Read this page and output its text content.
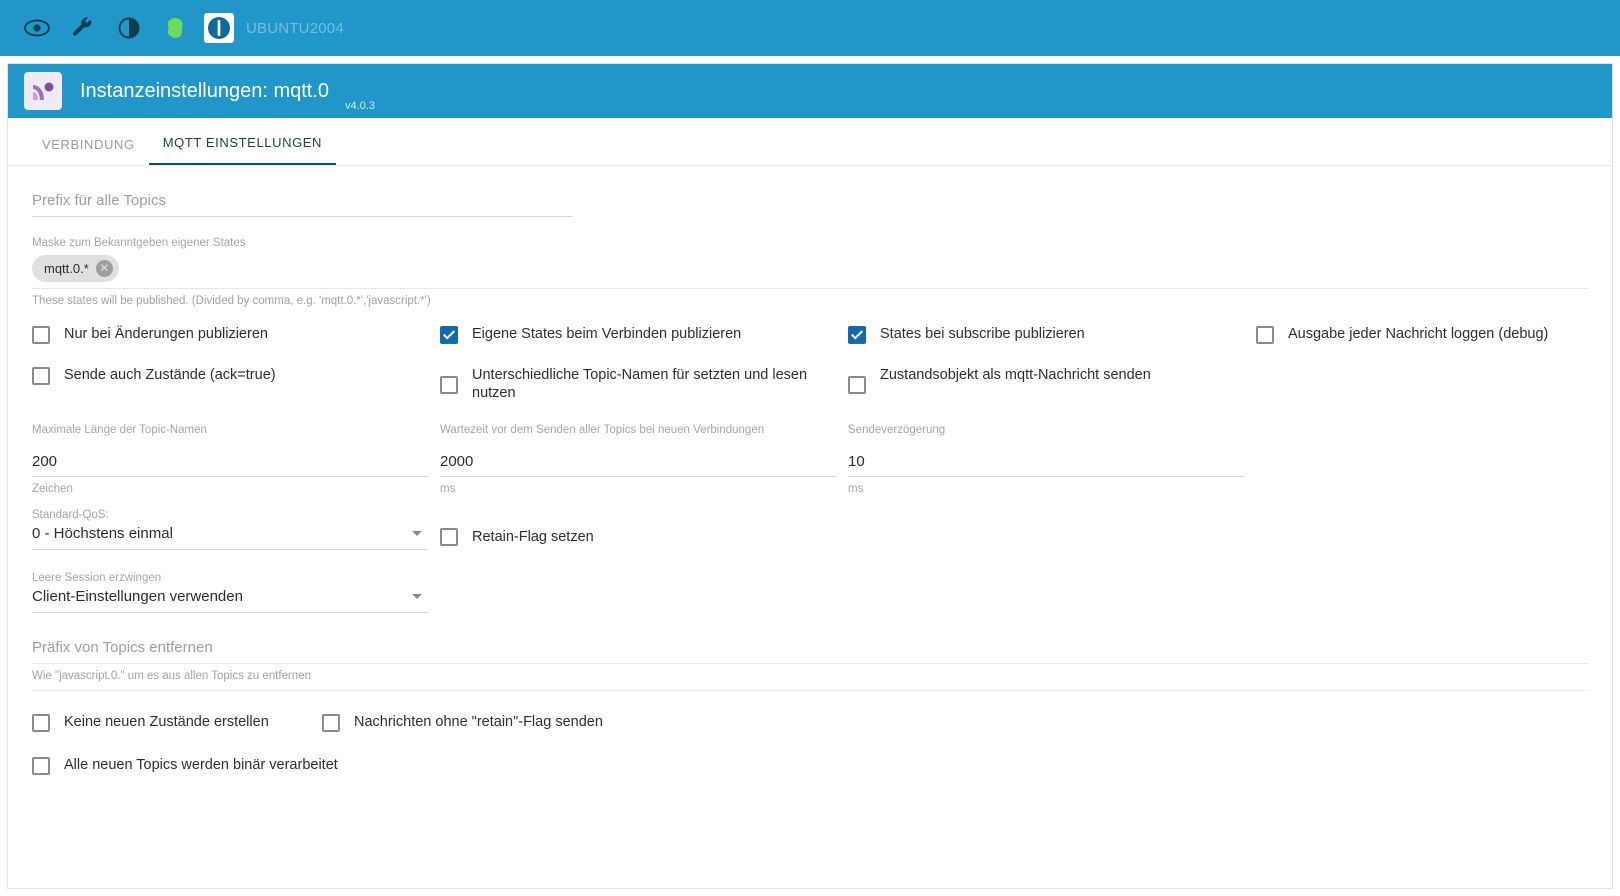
UBUNTU2004
Instanzeinstellungen: mqtt.0
v4.0.3
VERBINDUNG	MQTT EINSTELLUNGEN
Prefix für alle Topics
Maske zum Bekanntgeben eigener States
mqtt.0.* ✕
These states will be published. (Divided by comma, e.g. 'mqtt.0.*','javascript.*')
Nur bei Änderungen publizieren	Eigene States beim Verbinden publizieren	States bei subscribe publizieren	Ausgabe jeder Nachricht loggen (debug)
Sende auch Zustände (ack=true)	Unterschiedliche Topic-Namen für setzten und lesen nutzen
Zustandsobjekt als mqtt-Nachricht senden
Maximale Länge der Topic-Namen
200
Zeichen
Wartezeit vor dem Senden aller Topics bei neuen Verbindungen
2000
ms
Sendeverzögerung
10
ms
Standard-QoS:
0 - Höchstens einmal	Retain-Flag setzen
Leere Session erzwingen
Client-Einstellungen verwenden
Präfix von Topics entfernen
Wie "javascript.0." um es aus allen Topics zu entfernen
Keine neuen Zustände erstellen	Nachrichten ohne "retain"-Flag senden
Alle neuen Topics werden binär verarbeitet
